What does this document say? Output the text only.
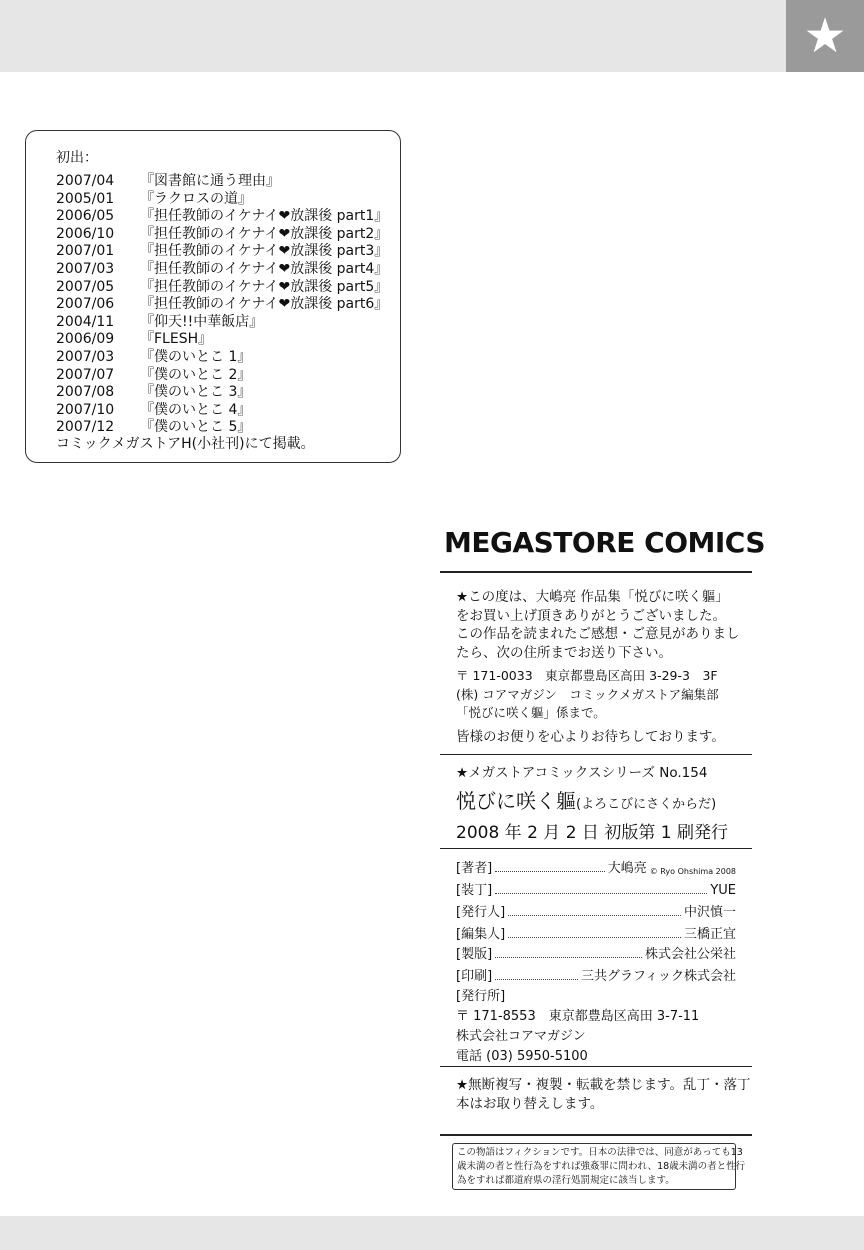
★
初出：
2007/04 『図書館に通う理由』
2005/01 『ラクロスの道』
2006/05 『担任教師のイケナイ❤放課後 part1』
2006/10 『担任教師のイケナイ❤放課後 part2』
2007/01 『担任教師のイケナイ❤放課後 part3』
2007/03 『担任教師のイケナイ❤放課後 part4』
2007/05 『担任教師のイケナイ❤放課後 part5』
2007/06 『担任教師のイケナイ❤放課後 part6』
2004/11 『仰天!!中華飯店』
2006/09 『FLESH』
2007/03 『僕のいとこ 1』
2007/07 『僕のいとこ 2』
2007/08 『僕のいとこ 3』
2007/10 『僕のいとこ 4』
2007/12 『僕のいとこ 5』
コミックメガストアH(小社刊)にて掲載。
MEGASTORE COMICS
★この度は、大嶋亮 作品集「悦びに咲く軀」
をお買い上げ頂きありがとうございました。
この作品を読まれたご感想・ご意見がありまし
たら、次の住所までお送り下さい。
〒 171-0033　東京都豊島区高田 3-29-3　3F
(株) コアマガジン　コミックメガストア編集部
「悦びに咲く軀」係まで。
皆様のお便りを心よりお待ちしております。
★メガストアコミックスシリーズ No.154
悦びに咲く軀(よろこびにさくからだ)
2008 年 2 月 2 日 初版第 1 刷発行
[著者]	大嶋亮 © Ryo Ohshima 2008
[装丁]	YUE
[発行人]	中沢慎一
[編集人]	三橋正宜
[製版]	株式会社公栄社
[印刷]	三共グラフィック株式会社
[発行所]
〒 171-8553　東京都豊島区高田 3-7-11
株式会社コアマガジン
電話 (03) 5950-5100
★無断複写・複製・転載を禁じます。乱丁・落丁
本はお取り替えします。
この物語はフィクションです。日本の法律では、同意があっても13
歳未満の者と性行為をすれば強姦罪に問われ、18歳未満の者と性行
為をすれば都道府県の淫行処罰規定に該当します。
